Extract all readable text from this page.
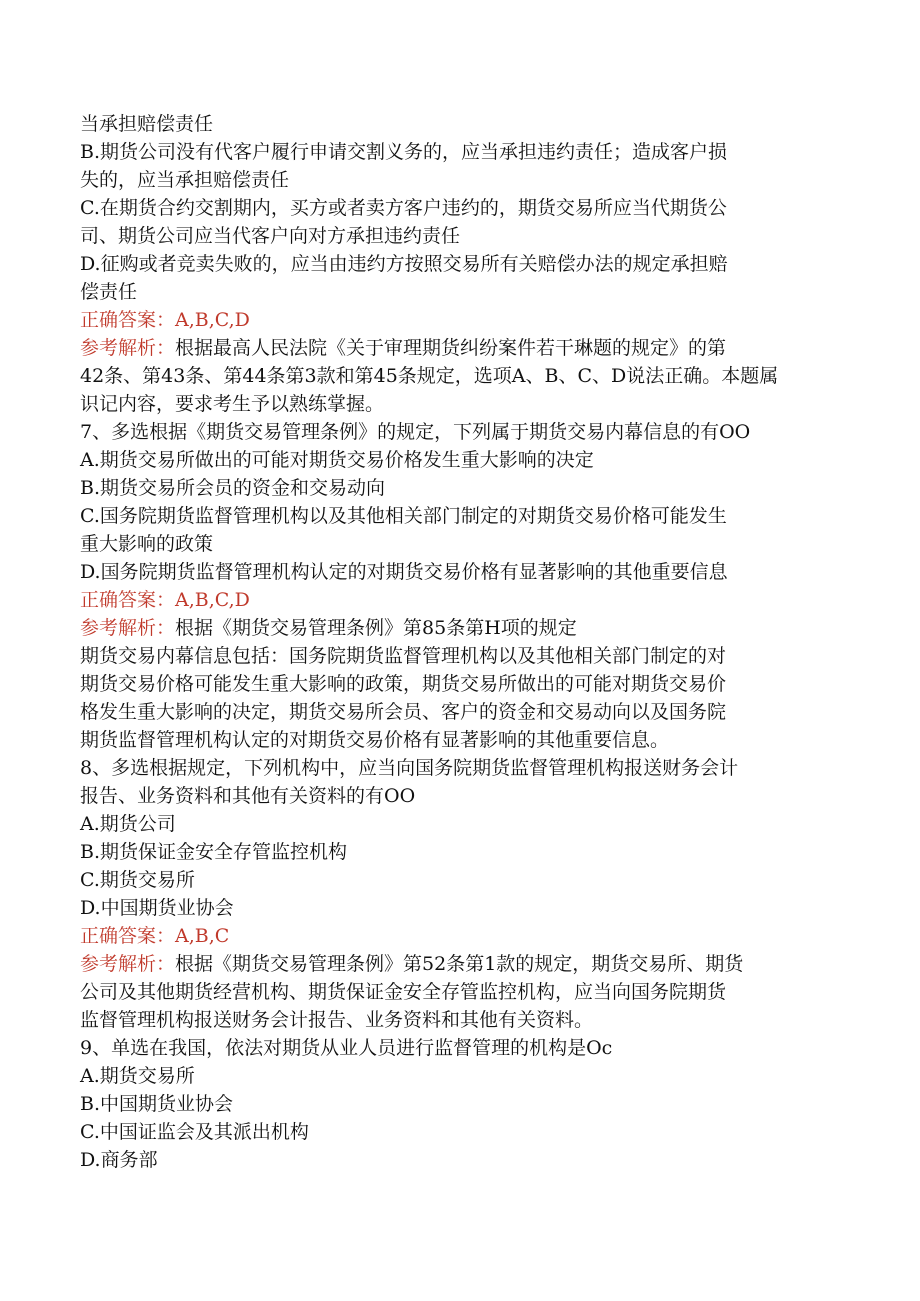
当承担赔偿责任
B.期货公司没有代客户履行申请交割义务的，应当承担违约责任；造成客户损
失的，应当承担赔偿责任
C.在期货合约交割期内，买方或者卖方客户违约的，期货交易所应当代期货公
司、期货公司应当代客户向对方承担违约责任
D.征购或者竞卖失败的，应当由违约方按照交易所有关赔偿办法的规定承担赔
偿责任
正确答案：A,B,C,D
参考解析：根据最高人民法院《关于审理期货纠纷案件若干琳题的规定》的第
42条、第43条、第44条第3款和第45条规定，选项A、B、C、D说法正确。本题属
识记内容，要求考生予以熟练掌握。
7、多选根据《期货交易管理条例》的规定，下列属于期货交易内幕信息的有OO
A.期货交易所做出的可能对期货交易价格发生重大影响的决定
B.期货交易所会员的资金和交易动向
C.国务院期货监督管理机构以及其他相关部门制定的对期货交易价格可能发生
重大影响的政策
D.国务院期货监督管理机构认定的对期货交易价格有显著影响的其他重要信息
正确答案：A,B,C,D
参考解析：根据《期货交易管理条例》第85条第H项的规定
期货交易内幕信息包括：国务院期货监督管理机构以及其他相关部门制定的对
期货交易价格可能发生重大影响的政策，期货交易所做出的可能对期货交易价
格发生重大影响的决定，期货交易所会员、客户的资金和交易动向以及国务院
期货监督管理机构认定的对期货交易价格有显著影响的其他重要信息。
8、多选根据规定，下列机构中，应当向国务院期货监督管理机构报送财务会计
报告、业务资料和其他有关资料的有OO
A.期货公司
B.期货保证金安全存管监控机构
C.期货交易所
D.中国期货业协会
正确答案：A,B,C
参考解析：根据《期货交易管理条例》第52条第1款的规定，期货交易所、期货
公司及其他期货经营机构、期货保证金安全存管监控机构，应当向国务院期货
监督管理机构报送财务会计报告、业务资料和其他有关资料。
9、单选在我国，依法对期货从业人员进行监督管理的机构是Oc
A.期货交易所
B.中国期货业协会
C.中国证监会及其派出机构
D.商务部
